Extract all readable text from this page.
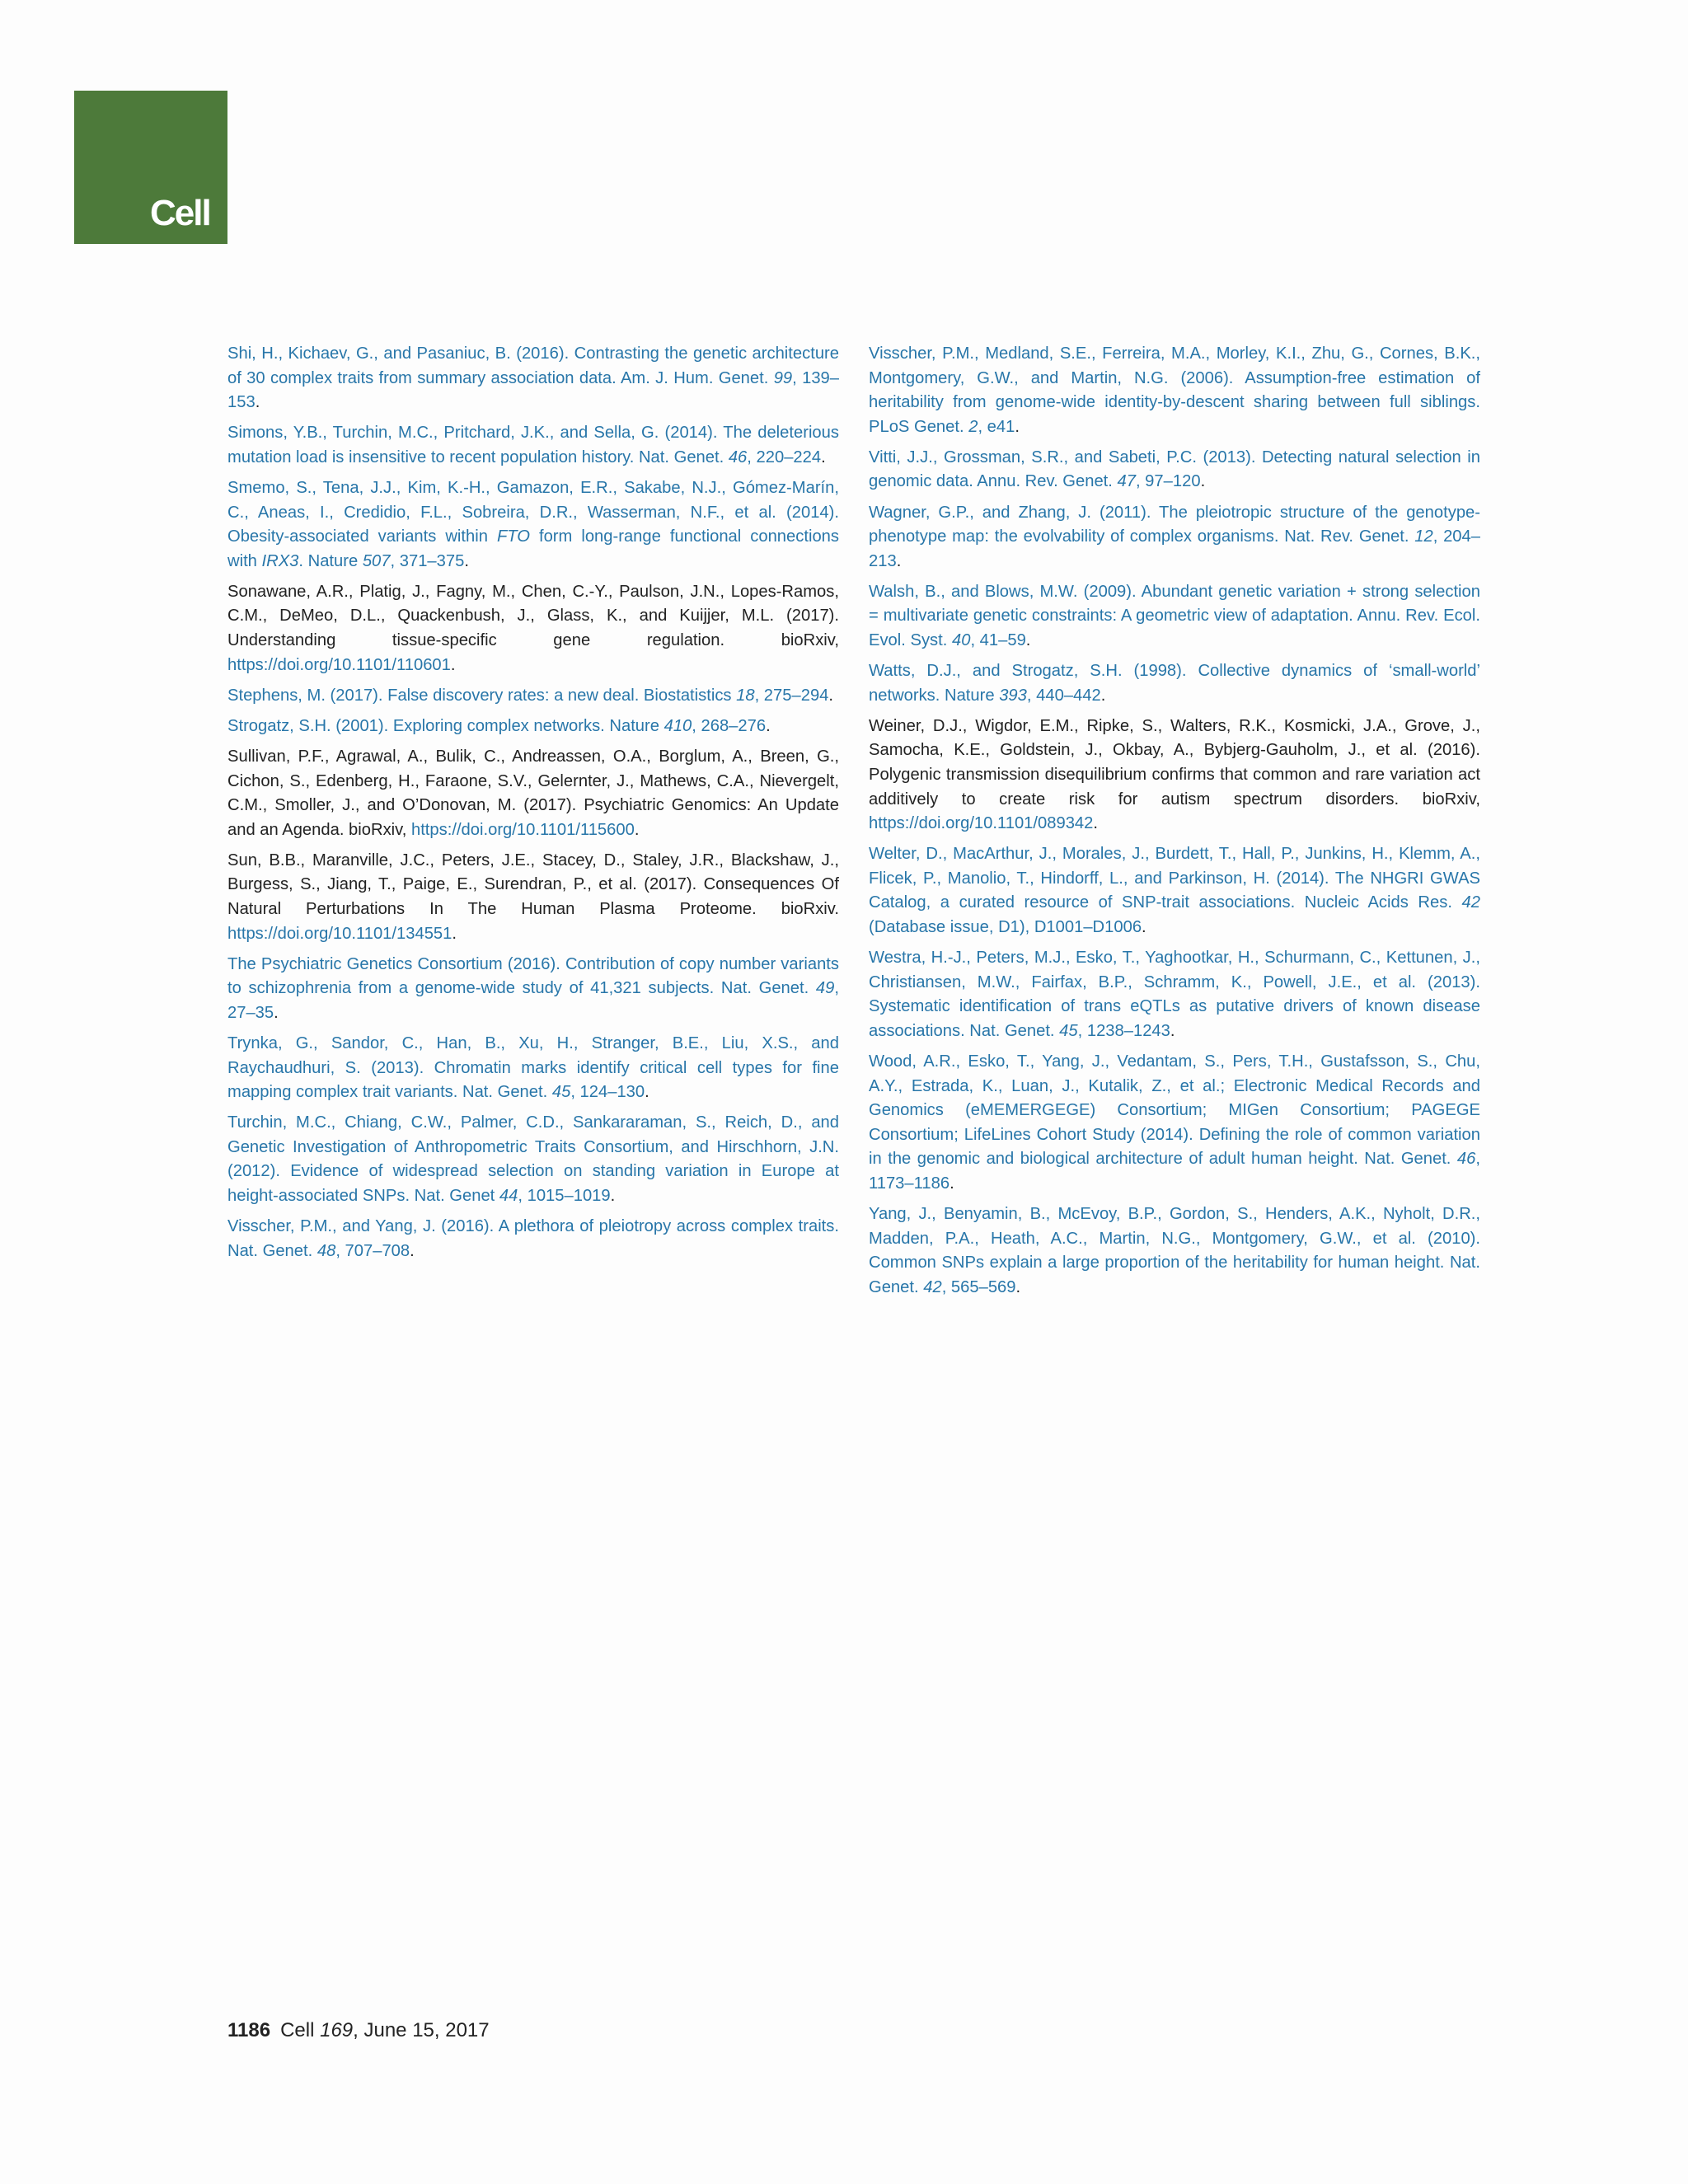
Cell

Shi, H., Kichaev, G., and Pasaniuc, B. (2016). Contrasting the genetic architecture of 30 complex traits from summary association data. Am. J. Hum. Genet. 99, 139–153.

Simons, Y.B., Turchin, M.C., Pritchard, J.K., and Sella, G. (2014). The deleterious mutation load is insensitive to recent population history. Nat. Genet. 46, 220–224.

Smemo, S., Tena, J.J., Kim, K.-H., Gamazon, E.R., Sakabe, N.J., Gómez-Marín, C., Aneas, I., Credidio, F.L., Sobreira, D.R., Wasserman, N.F., et al. (2014). Obesity-associated variants within FTO form long-range functional connections with IRX3. Nature 507, 371–375.

Sonawane, A.R., Platig, J., Fagny, M., Chen, C.-Y., Paulson, J.N., Lopes-Ramos, C.M., DeMeo, D.L., Quackenbush, J., Glass, K., and Kuijjer, M.L. (2017). Understanding tissue-specific gene regulation. bioRxiv, https://doi.org/10.1101/110601.

Stephens, M. (2017). False discovery rates: a new deal. Biostatistics 18, 275–294.

Strogatz, S.H. (2001). Exploring complex networks. Nature 410, 268–276.

Sullivan, P.F., Agrawal, A., Bulik, C., Andreassen, O.A., Borglum, A., Breen, G., Cichon, S., Edenberg, H., Faraone, S.V., Gelernter, J., Mathews, C.A., Nievergelt, C.M., Smoller, J., and O’Donovan, M. (2017). Psychiatric Genomics: An Update and an Agenda. bioRxiv, https://doi.org/10.1101/115600.

Sun, B.B., Maranville, J.C., Peters, J.E., Stacey, D., Staley, J.R., Blackshaw, J., Burgess, S., Jiang, T., Paige, E., Surendran, P., et al. (2017). Consequences Of Natural Perturbations In The Human Plasma Proteome. bioRxiv. https://doi.org/10.1101/134551.

The Psychiatric Genetics Consortium (2016). Contribution of copy number variants to schizophrenia from a genome-wide study of 41,321 subjects. Nat. Genet. 49, 27–35.

Trynka, G., Sandor, C., Han, B., Xu, H., Stranger, B.E., Liu, X.S., and Raychaudhuri, S. (2013). Chromatin marks identify critical cell types for fine mapping complex trait variants. Nat. Genet. 45, 124–130.

Turchin, M.C., Chiang, C.W., Palmer, C.D., Sankararaman, S., Reich, D., and Genetic Investigation of Anthropometric Traits Consortium, and Hirschhorn, J.N. (2012). Evidence of widespread selection on standing variation in Europe at height-associated SNPs. Nat. Genet 44, 1015–1019.

Visscher, P.M., and Yang, J. (2016). A plethora of pleiotropy across complex traits. Nat. Genet. 48, 707–708.

Visscher, P.M., Medland, S.E., Ferreira, M.A., Morley, K.I., Zhu, G., Cornes, B.K., Montgomery, G.W., and Martin, N.G. (2006). Assumption-free estimation of heritability from genome-wide identity-by-descent sharing between full siblings. PLoS Genet. 2, e41.

Vitti, J.J., Grossman, S.R., and Sabeti, P.C. (2013). Detecting natural selection in genomic data. Annu. Rev. Genet. 47, 97–120.

Wagner, G.P., and Zhang, J. (2011). The pleiotropic structure of the genotype-phenotype map: the evolvability of complex organisms. Nat. Rev. Genet. 12, 204–213.

Walsh, B., and Blows, M.W. (2009). Abundant genetic variation + strong selection = multivariate genetic constraints: A geometric view of adaptation. Annu. Rev. Ecol. Evol. Syst. 40, 41–59.

Watts, D.J., and Strogatz, S.H. (1998). Collective dynamics of ‘small-world’ networks. Nature 393, 440–442.

Weiner, D.J., Wigdor, E.M., Ripke, S., Walters, R.K., Kosmicki, J.A., Grove, J., Samocha, K.E., Goldstein, J., Okbay, A., Bybjerg-Gauholm, J., et al. (2016). Polygenic transmission disequilibrium confirms that common and rare variation act additively to create risk for autism spectrum disorders. bioRxiv, https://doi.org/10.1101/089342.

Welter, D., MacArthur, J., Morales, J., Burdett, T., Hall, P., Junkins, H., Klemm, A., Flicek, P., Manolio, T., Hindorff, L., and Parkinson, H. (2014). The NHGRI GWAS Catalog, a curated resource of SNP-trait associations. Nucleic Acids Res. 42 (Database issue, D1), D1001–D1006.

Westra, H.-J., Peters, M.J., Esko, T., Yaghootkar, H., Schurmann, C., Kettunen, J., Christiansen, M.W., Fairfax, B.P., Schramm, K., Powell, J.E., et al. (2013). Systematic identification of trans eQTLs as putative drivers of known disease associations. Nat. Genet. 45, 1238–1243.

Wood, A.R., Esko, T., Yang, J., Vedantam, S., Pers, T.H., Gustafsson, S., Chu, A.Y., Estrada, K., Luan, J., Kutalik, Z., et al.; Electronic Medical Records and Genomics (eMEMERGEGE) Consortium; MIGen Consortium; PAGEGE Consortium; LifeLines Cohort Study (2014). Defining the role of common variation in the genomic and biological architecture of adult human height. Nat. Genet. 46, 1173–1186.

Yang, J., Benyamin, B., McEvoy, B.P., Gordon, S., Henders, A.K., Nyholt, D.R., Madden, P.A., Heath, A.C., Martin, N.G., Montgomery, G.W., et al. (2010). Common SNPs explain a large proportion of the heritability for human height. Nat. Genet. 42, 565–569.

1186 Cell 169, June 15, 2017
